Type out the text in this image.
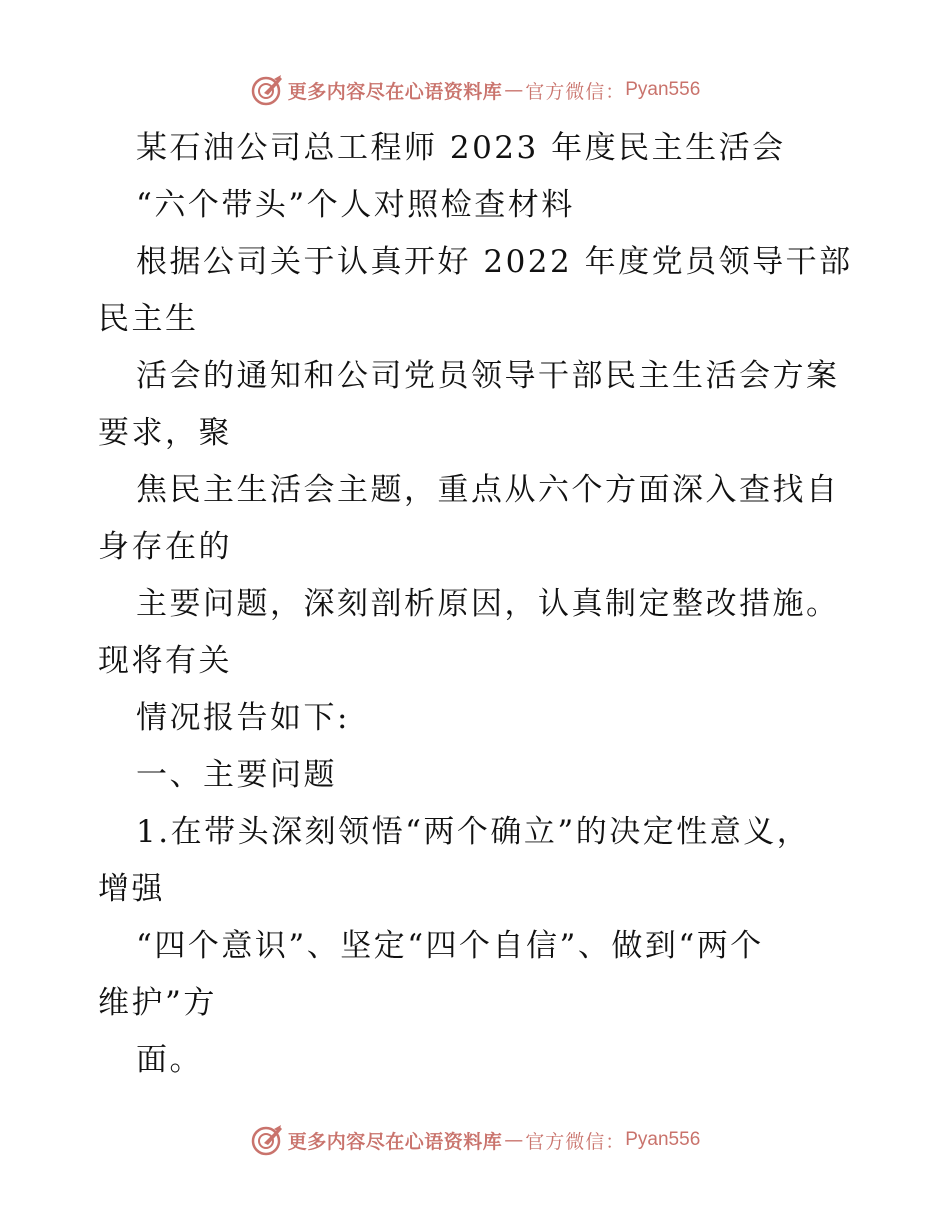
更多内容尽在心语资料库 — 官方微信： Pyan556
某石油公司总工程师 2023 年度民主生活会
“六个带头”个人对照检查材料
根据公司关于认真开好 2022 年度党员领导干部
民主生
活会的通知和公司党员领导干部民主生活会方案
要求，聚
焦民主生活会主题，重点从六个方面深入查找自
身存在的
主要问题，深刻剖析原因，认真制定整改措施。
现将有关
情况报告如下:
一、主要问题
1.在带头深刻领悟“两个确立”的决定性意义，
增强
“四个意识”、坚定“四个自信”、做到“两个
维护”方
面。
更多内容尽在心语资料库 — 官方微信： Pyan556
